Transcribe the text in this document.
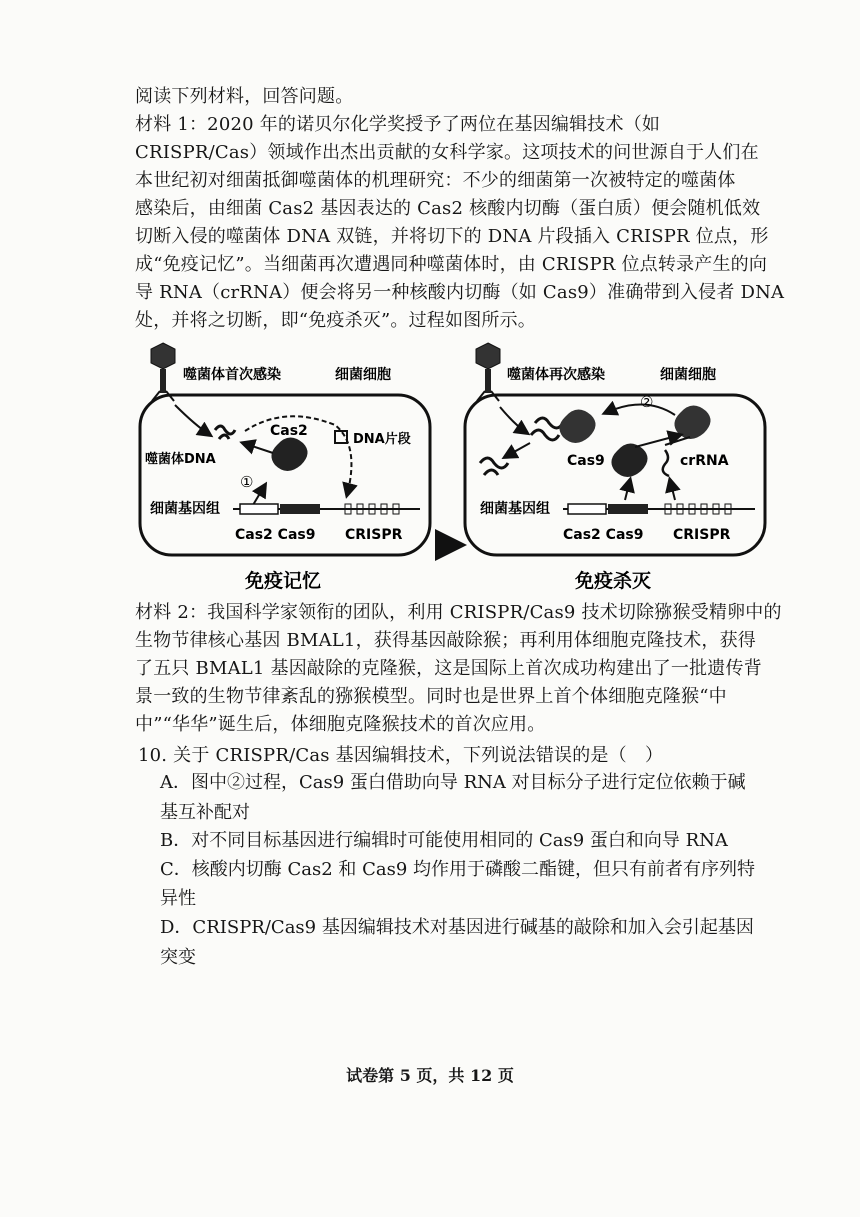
阅读下列材料，回答问题。
材料 1：2020 年的诺贝尔化学奖授予了两位在基因编辑技术（如
CRISPR/Cas）领域作出杰出贡献的女科学家。这项技术的问世源自于人们在
本世纪初对细菌抵御噬菌体的机理研究：不少的细菌第一次被特定的噬菌体
感染后，由细菌 Cas2 基因表达的 Cas2 核酸内切酶（蛋白质）便会随机低效
切断入侵的噬菌体 DNA 双链，并将切下的 DNA 片段插入 CRISPR 位点，形
成“免疫记忆”。当细菌再次遭遇同种噬菌体时，由 CRISPR 位点转录产生的向
导 RNA（crRNA）便会将另一种核酸内切酶（如 Cas9）准确带到入侵者 DNA
处，并将之切断，即“免疫杀灭”。过程如图所示。
噬菌体首次感染	细菌细胞
噬菌体DNA
Cas2
DNA片段
①
细菌基因组
Cas2 Cas9 CRISPR
免疫记忆
噬菌体再次感染	细菌细胞
②
Cas9	crRNA
细菌基因组
Cas2 Cas9 CRISPR
免疫杀灭
材料 2：我国科学家领衔的团队，利用 CRISPR/Cas9 技术切除猕猴受精卵中的
生物节律核心基因 BMAL1，获得基因敲除猴；再利用体细胞克隆技术，获得
了五只 BMAL1 基因敲除的克隆猴，这是国际上首次成功构建出了一批遗传背
景一致的生物节律紊乱的猕猴模型。同时也是世界上首个体细胞克隆猴“中
中”“华华”诞生后，体细胞克隆猴技术的首次应用。
10. 关于 CRISPR/Cas 基因编辑技术，下列说法错误的是（　）
A．图中②过程，Cas9 蛋白借助向导 RNA 对目标分子进行定位依赖于碱
基互补配对
B．对不同目标基因进行编辑时可能使用相同的 Cas9 蛋白和向导 RNA
C．核酸内切酶 Cas2 和 Cas9 均作用于磷酸二酯键，但只有前者有序列特
异性
D．CRISPR/Cas9 基因编辑技术对基因进行碱基的敲除和加入会引起基因
突变
试卷第 5 页，共 12 页
